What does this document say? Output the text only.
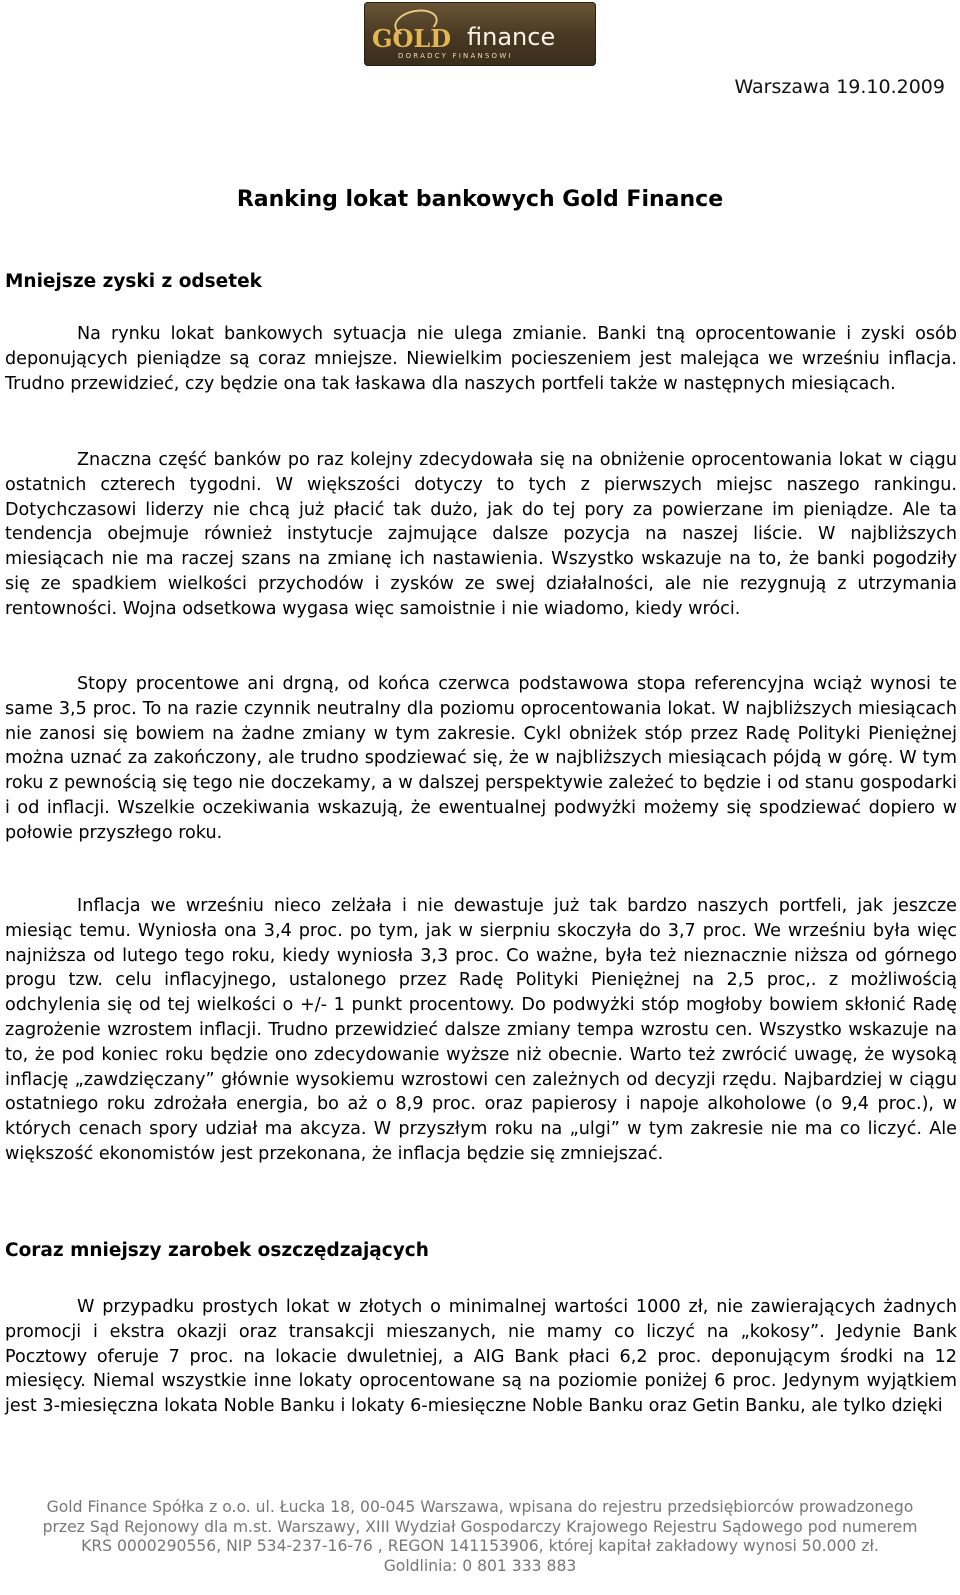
GOLD finance
DORADCY FINANSOWI
Warszawa 19.10.2009
Ranking lokat bankowych Gold Finance
Mniejsze zyski z odsetek

Na rynku lokat bankowych sytuacja nie ulega zmianie. Banki tną oprocentowanie i zyski osób deponujących pieniądze są coraz mniejsze. Niewielkim pocieszeniem jest malejąca we wrześniu inflacja. Trudno przewidzieć, czy będzie ona tak łaskawa dla naszych portfeli także w następnych miesiącach.

Znaczna część banków po raz kolejny zdecydowała się na obniżenie oprocentowania lokat w ciągu ostatnich czterech tygodni. W większości dotyczy to tych z pierwszych miejsc naszego rankingu. Dotychczasowi liderzy nie chcą już płacić tak dużo, jak do tej pory za powierzane im pieniądze. Ale ta tendencja obejmuje również instytucje zajmujące dalsze pozycja na naszej liście. W najbliższych miesiącach nie ma raczej szans na zmianę ich nastawienia. Wszystko wskazuje na to, że banki pogodziły się ze spadkiem wielkości przychodów i zysków ze swej działalności, ale nie rezygnują z utrzymania rentowności. Wojna odsetkowa wygasa więc samoistnie i nie wiadomo, kiedy wróci.

Stopy procentowe ani drgną, od końca czerwca podstawowa stopa referencyjna wciąż wynosi te same 3,5 proc. To na razie czynnik neutralny dla poziomu oprocentowania lokat. W najbliższych miesiącach nie zanosi się bowiem na żadne zmiany w tym zakresie. Cykl obniżek stóp przez Radę Polityki Pieniężnej można uznać za zakończony, ale trudno spodziewać się, że w najbliższych miesiącach pójdą w górę. W tym roku z pewnością się tego nie doczekamy, a w dalszej perspektywie zależeć to będzie i od stanu gospodarki i od inflacji. Wszelkie oczekiwania wskazują, że ewentualnej podwyżki możemy się spodziewać dopiero w połowie przyszłego roku.

Inflacja we wrześniu nieco zelżała i nie dewastuje już tak bardzo naszych portfeli, jak jeszcze miesiąc temu. Wyniosła ona 3,4 proc. po tym, jak w sierpniu skoczyła do 3,7 proc. We wrześniu była więc najniższa od lutego tego roku, kiedy wyniosła 3,3 proc. Co ważne, była też nieznacznie niższa od górnego progu tzw. celu inflacyjnego, ustalonego przez Radę Polityki Pieniężnej na 2,5 proc,. z możliwością odchylenia się od tej wielkości o +/- 1 punkt procentowy. Do podwyżki stóp mogłoby bowiem skłonić Radę zagrożenie wzrostem inflacji. Trudno przewidzieć dalsze zmiany tempa wzrostu cen. Wszystko wskazuje na to, że pod koniec roku będzie ono zdecydowanie wyższe niż obecnie. Warto też zwrócić uwagę, że wysoką inflację „zawdzięczany” głównie wysokiemu wzrostowi cen zależnych od decyzji rzędu. Najbardziej w ciągu ostatniego roku zdrożała energia, bo aż o 8,9 proc. oraz papierosy i napoje alkoholowe (o 9,4 proc.), w których cenach spory udział ma akcyza. W przyszłym roku na „ulgi” w tym zakresie nie ma co liczyć. Ale większość ekonomistów jest przekonana, że inflacja będzie się zmniejszać.

Coraz mniejszy zarobek oszczędzających

W przypadku prostych lokat w złotych o minimalnej wartości 1000 zł, nie zawierających żadnych promocji i ekstra okazji oraz transakcji mieszanych, nie mamy co liczyć na „kokosy”. Jedynie Bank Pocztowy oferuje 7 proc. na lokacie dwuletniej, a AIG Bank płaci 6,2 proc. deponującym środki na 12 miesięcy. Niemal wszystkie inne lokaty oprocentowane są na poziomie poniżej 6 proc. Jedynym wyjątkiem jest 3-miesięczna lokata Noble Banku i lokaty 6-miesięczne Noble Banku oraz Getin Banku, ale tylko dzięki

Gold Finance Spółka z o.o. ul. Łucka 18, 00-045 Warszawa, wpisana do rejestru przedsiębiorców prowadzonego
przez Sąd Rejonowy dla m.st. Warszawy, XIII Wydział Gospodarczy Krajowego Rejestru Sądowego pod numerem
KRS 0000290556, NIP 534-237-16-76 , REGON 141153906, której kapitał zakładowy wynosi 50.000 zł.
Goldlinia: 0 801 333 883
